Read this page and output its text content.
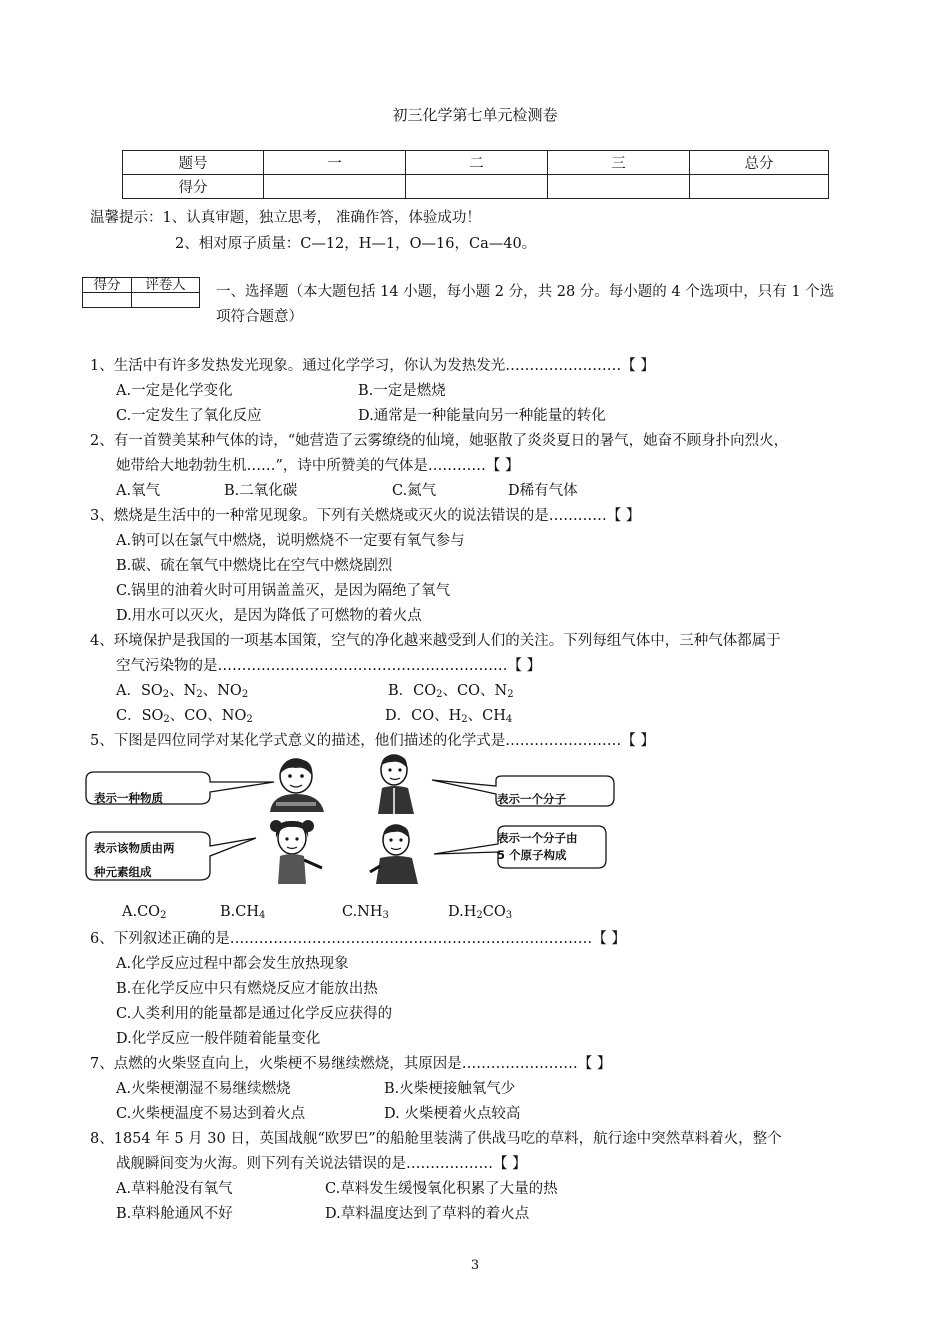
初三化学第七单元检测卷
题号	一	二	三	总分
得分				
温馨提示：1、认真审题，独立思考， 准确作答，体验成功！
2、相对原子质量：C—12，H—1，O—16，Ca—40。
得分	评卷人
	一、选择题（本大题包括 14 小题，每小题 2 分，共 28 分。每小题的 4 个选项中，只有 1 个选
项符合题意）
1、生活中有许多发热发光现象。通过化学学习，你认为发热发光……………………【 】
A.一定是化学变化	B.一定是燃烧
C.一定发生了氧化反应	D.通常是一种能量向另一种能量的转化
2、有一首赞美某种气体的诗，“她营造了云雾缭绕的仙境，她驱散了炎炎夏日的暑气，她奋不顾身扑向烈火，
她带给大地勃勃生机……”，诗中所赞美的气体是…………【 】
A.氧气	B.二氧化碳	C.氮气	D稀有气体
3、燃烧是生活中的一种常见现象。下列有关燃烧或灭火的说法错误的是…………【 】
A.钠可以在氯气中燃烧，说明燃烧不一定要有氧气参与
B.碳、硫在氧气中燃烧比在空气中燃烧剧烈
C.锅里的油着火时可用锅盖盖灭，是因为隔绝了氧气
D.用水可以灭火，是因为降低了可燃物的着火点
4、环境保护是我国的一项基本国策，空气的净化越来越受到人们的关注。下列每组气体中，三种气体都属于
空气污染物的是……………………………………………………【 】
A．$SO_2$、$N_2$、$NO_2$	B．$CO_2$、CO、$N_2$
C．$SO_2$、CO、$NO_2$	D．CO、$H_2$、$CH_4$
5、下图是四位同学对某化学式意义的描述，他们描述的化学式是……………………【 】
表示一种物质	表示一个分子
表示该物质由两
种元素组成
表示一个分子由
5 个原子构成
$A.CO_2$	$B.CH_4$	$C.NH_3$	$D.H_2CO_3$
6、下列叙述正确的是…………………………………………………………………【 】
A.化学反应过程中都会发生放热现象
B.在化学反应中只有燃烧反应才能放出热
C.人类利用的能量都是通过化学反应获得的
D.化学反应一般伴随着能量变化
7、点燃的火柴竖直向上，火柴梗不易继续燃烧，其原因是……………………【 】
A.火柴梗潮湿不易继续燃烧	B.火柴梗接触氧气少
C.火柴梗温度不易达到着火点	D. 火柴梗着火点较高
8、1854 年 5 月 30 日，英国战舰“欧罗巴”的船舱里装满了供战马吃的草料，航行途中突然草料着火，整个
战舰瞬间变为火海。则下列有关说法错误的是………………【 】
A.草料舱没有氧气	C.草料发生缓慢氧化积累了大量的热
B.草料舱通风不好	D.草料温度达到了草料的着火点
3
